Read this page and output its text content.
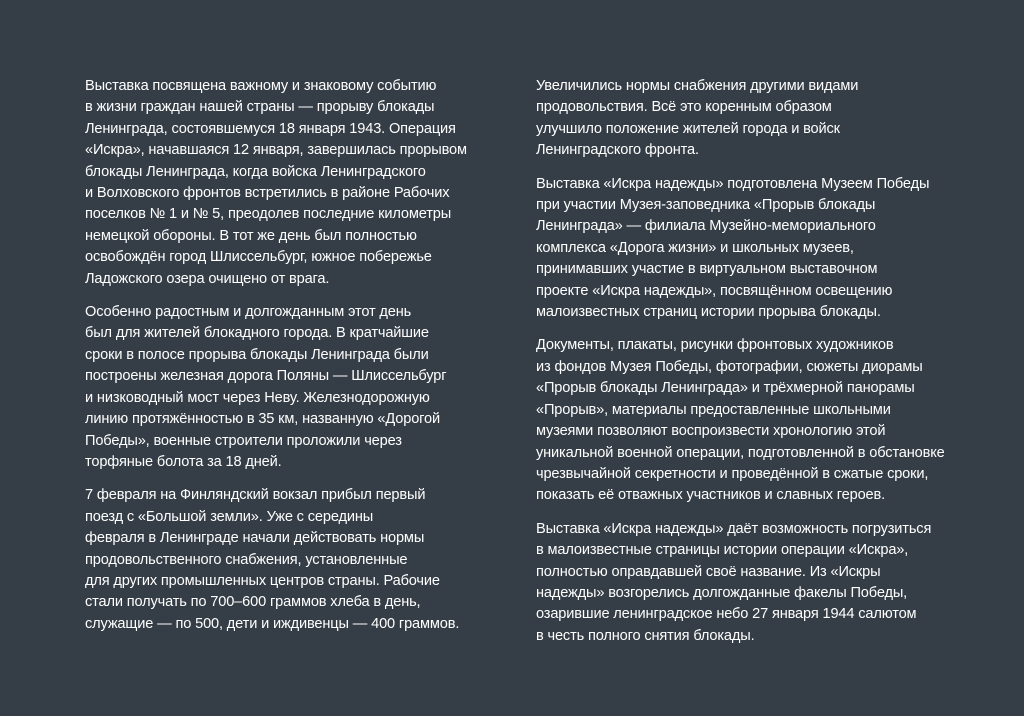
Выставка посвящена важному и знаковому событию
в жизни граждан нашей страны — прорыву блокады
Ленинграда, состоявшемуся 18 января 1943. Операция
«Искра», начавшаяся 12 января, завершилась прорывом
блокады Ленинграда, когда войска Ленинградского
и Волховского фронтов встретились в районе Рабочих
поселков № 1 и № 5, преодолев последние километры
немецкой обороны. В тот же день был полностью
освобождён город Шлиссельбург, южное побережье
Ладожского озера очищено от врага.

Особенно радостным и долгожданным этот день
был для жителей блокадного города. В кратчайшие
сроки в полосе прорыва блокады Ленинграда были
построены железная дорога Поляны — Шлиссельбург
и низководный мост через Неву. Железнодорожную
линию протяжённостью в 35 км, названную «Дорогой
Победы», военные строители проложили через
торфяные болота за 18 дней.

7 февраля на Финляндский вокзал прибыл первый
поезд с «Большой земли». Уже с середины
февраля в Ленинграде начали действовать нормы
продовольственного снабжения, установленные
для других промышленных центров страны. Рабочие
стали получать по 700–600 граммов хлеба в день,
служащие — по 500, дети и иждивенцы — 400 граммов.

Увеличились нормы снабжения другими видами
продовольствия. Всё это коренным образом
улучшило положение жителей города и войск
Ленинградского фронта.

Выставка «Искра надежды» подготовлена Музеем Победы
при участии Музея-заповедника «Прорыв блокады
Ленинграда» — филиала Музейно-мемориального
комплекса «Дорога жизни» и школьных музеев,
принимавших участие в виртуальном выставочном
проекте «Искра надежды», посвящённом освещению
малоизвестных страниц истории прорыва блокады.

Документы, плакаты, рисунки фронтовых художников
из фондов Музея Победы, фотографии, сюжеты диорамы
«Прорыв блокады Ленинграда» и трёхмерной панорамы
«Прорыв», материалы предоставленные школьными
музеями позволяют воспроизвести хронологию этой
уникальной военной операции, подготовленной в обстановке
чрезвычайной секретности и проведённой в сжатые сроки,
показать её отважных участников и славных героев.

Выставка «Искра надежды» даёт возможность погрузиться
в малоизвестные страницы истории операции «Искра»,
полностью оправдавшей своё название. Из «Искры
надежды» возгорелись долгожданные факелы Победы,
озарившие ленинградское небо 27 января 1944 салютом
в честь полного снятия блокады.
